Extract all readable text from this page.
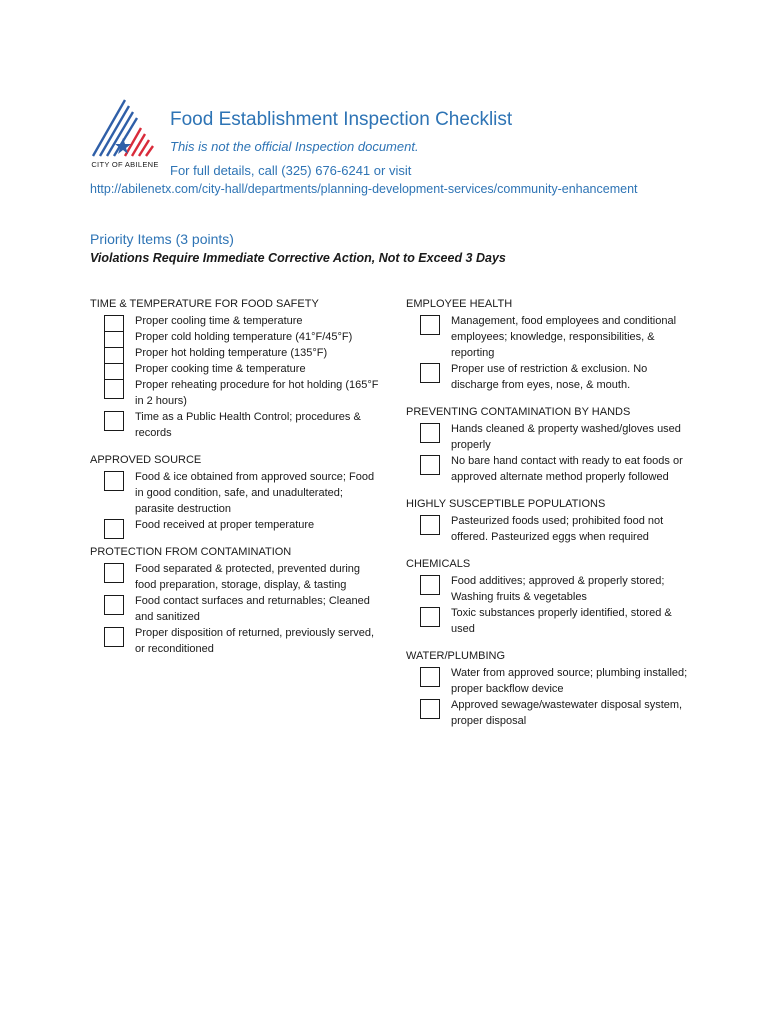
CITY OF ABILENE
Food Establishment Inspection Checklist
This is not the official Inspection document.
For full details, call (325) 676-6241 or visit
http://abilenetx.com/city-hall/departments/planning-development-services/community-enhancement
Priority Items (3 points)
Violations Require Immediate Corrective Action, Not to Exceed 3 Days
TIME & TEMPERATURE FOR FOOD SAFETY
Proper cooling time & temperature
Proper cold holding temperature (41°F/45°F)
Proper hot holding temperature (135°F)
Proper cooking time & temperature
Proper reheating procedure for hot holding (165°F in 2 hours)
Time as a Public Health Control; procedures & records
APPROVED SOURCE
Food & ice obtained from approved source; Food in good condition, safe, and unadulterated; parasite destruction
Food received at proper temperature
PROTECTION FROM CONTAMINATION
Food separated & protected, prevented during food preparation, storage, display, & tasting
Food contact surfaces and returnables; Cleaned and sanitized
Proper disposition of returned, previously served, or reconditioned
EMPLOYEE HEALTH
Management, food employees and conditional employees; knowledge, responsibilities, & reporting
Proper use of restriction & exclusion. No discharge from eyes, nose, & mouth.
PREVENTING CONTAMINATION BY HANDS
Hands cleaned & property washed/gloves used properly
No bare hand contact with ready to eat foods or approved alternate method properly followed
HIGHLY SUSCEPTIBLE POPULATIONS
Pasteurized foods used; prohibited food not offered. Pasteurized eggs when required
CHEMICALS
Food additives; approved & properly stored; Washing fruits & vegetables
Toxic substances properly identified, stored & used
WATER/PLUMBING
Water from approved source; plumbing installed; proper backflow device
Approved sewage/wastewater disposal system, proper disposal
